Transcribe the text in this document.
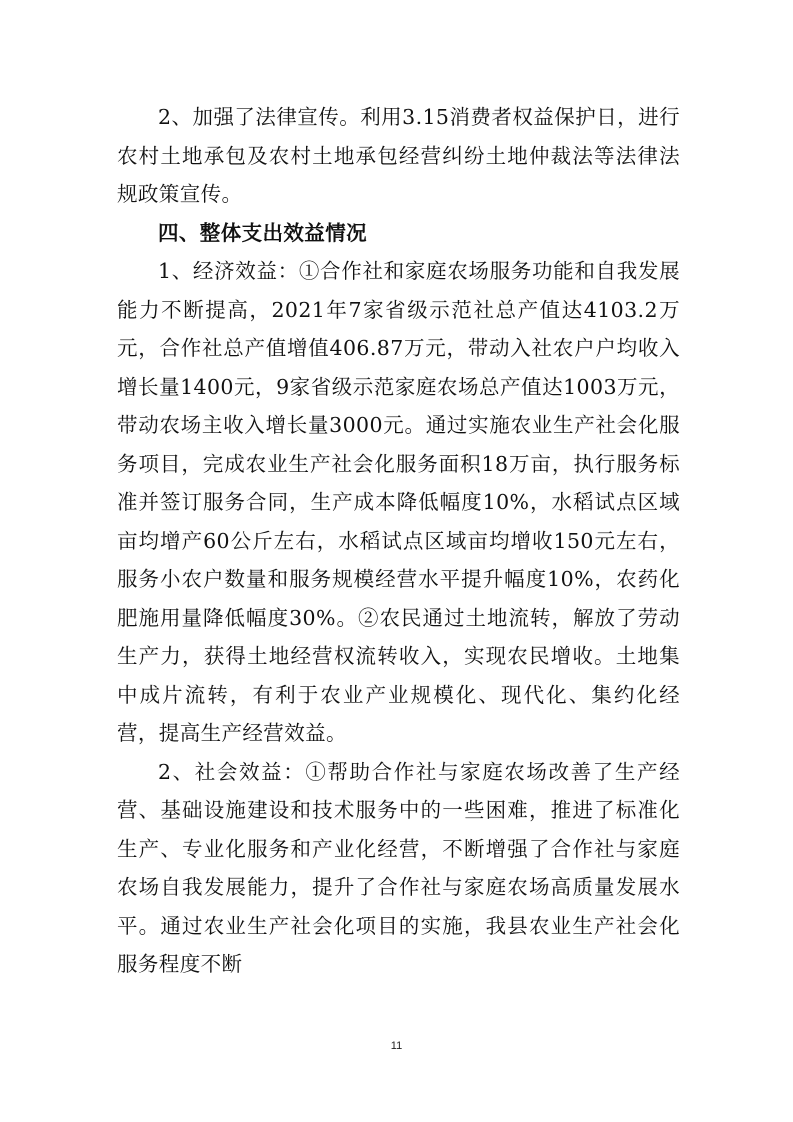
2、加强了法律宣传。利用3.15消费者权益保护日，进行农村土地承包及农村土地承包经营纠纷土地仲裁法等法律法规政策宣传。

四、整体支出效益情况

1、经济效益：①合作社和家庭农场服务功能和自我发展能力不断提高，2021年7家省级示范社总产值达4103.2万元，合作社总产值增值406.87万元，带动入社农户户均收入增长量1400元，9家省级示范家庭农场总产值达1003万元，带动农场主收入增长量3000元。通过实施农业生产社会化服务项目，完成农业生产社会化服务面积18万亩，执行服务标准并签订服务合同，生产成本降低幅度10%，水稻试点区域亩均增产60公斤左右，水稻试点区域亩均增收150元左右，服务小农户数量和服务规模经营水平提升幅度10%，农药化肥施用量降低幅度30%。②农民通过土地流转，解放了劳动生产力，获得土地经营权流转收入，实现农民增收。土地集中成片流转，有利于农业产业规模化、现代化、集约化经营，提高生产经营效益。

2、社会效益：①帮助合作社与家庭农场改善了生产经营、基础设施建设和技术服务中的一些困难，推进了标准化生产、专业化服务和产业化经营，不断增强了合作社与家庭农场自我发展能力，提升了合作社与家庭农场高质量发展水平。通过农业生产社会化项目的实施，我县农业生产社会化服务程度不断

11
